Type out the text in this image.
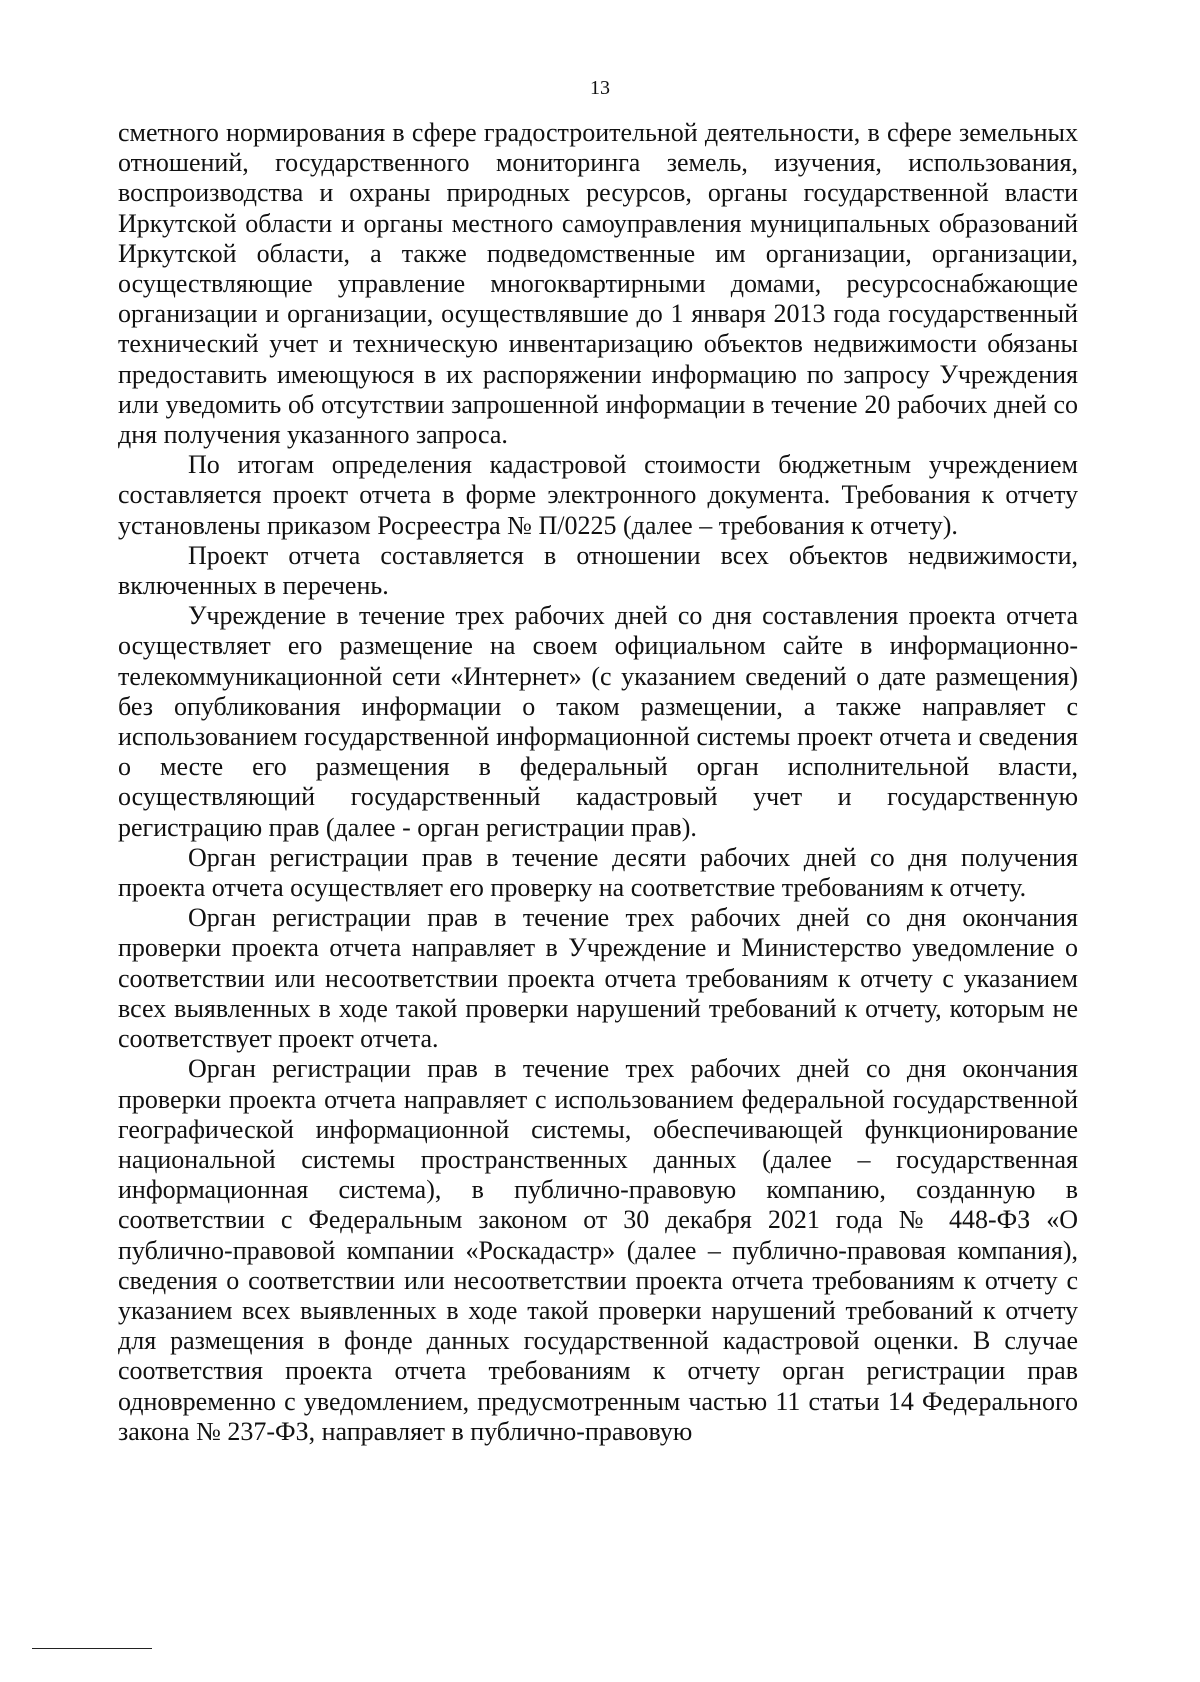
13

сметного нормирования в сфере градостроительной деятельности, в сфере земельных отношений, государственного мониторинга земель, изучения, использования, воспроизводства и охраны природных ресурсов, органы государственной власти Иркутской области и органы местного самоуправления муниципальных образований Иркутской области, а также подведомственные им организации, организации, осуществляющие управление многоквартирными домами, ресурсоснабжающие организации и организации, осуществлявшие до 1 января 2013 года государственный технический учет и техническую инвентаризацию объектов недвижимости обязаны предоставить имеющуюся в их распоряжении информацию по запросу Учреждения или уведомить об отсутствии запрошенной информации в течение 20 рабочих дней со дня получения указанного запроса.

По итогам определения кадастровой стоимости бюджетным учреждением составляется проект отчета в форме электронного документа. Требования к отчету установлены приказом Росреестра № П/0225 (далее – требования к отчету).

Проект отчета составляется в отношении всех объектов недвижимости, включенных в перечень.

Учреждение в течение трех рабочих дней со дня составления проекта отчета осуществляет его размещение на своем официальном сайте в информационно-телекоммуникационной сети «Интернет» (с указанием сведений о дате размещения) без опубликования информации о таком размещении, а также направляет с использованием государственной информационной системы проект отчета и сведения о месте его размещения в федеральный орган исполнительной власти, осуществляющий государственный кадастровый учет и государственную регистрацию прав (далее - орган регистрации прав).

Орган регистрации прав в течение десяти рабочих дней со дня получения проекта отчета осуществляет его проверку на соответствие требованиям к отчету.

Орган регистрации прав в течение трех рабочих дней со дня окончания проверки проекта отчета направляет в Учреждение и Министерство уведомление о соответствии или несоответствии проекта отчета требованиям к отчету с указанием всех выявленных в ходе такой проверки нарушений требований к отчету, которым не соответствует проект отчета.

Орган регистрации прав в течение трех рабочих дней со дня окончания проверки проекта отчета направляет с использованием федеральной государственной географической информационной системы, обеспечивающей функционирование национальной системы пространственных данных (далее – государственная информационная система), в публично-правовую компанию, созданную в соответствии с Федеральным законом от 30 декабря 2021 года № 448-ФЗ «О публично-правовой компании «Роскадастр» (далее – публично-правовая компания), сведения о соответствии или несоответствии проекта отчета требованиям к отчету с указанием всех выявленных в ходе такой проверки нарушений требований к отчету для размещения в фонде данных государственной кадастровой оценки. В случае соответствия проекта отчета требованиям к отчету орган регистрации прав одновременно с уведомлением, предусмотренным частью 11 статьи 14 Федерального закона № 237-ФЗ, направляет в публично-правовую
